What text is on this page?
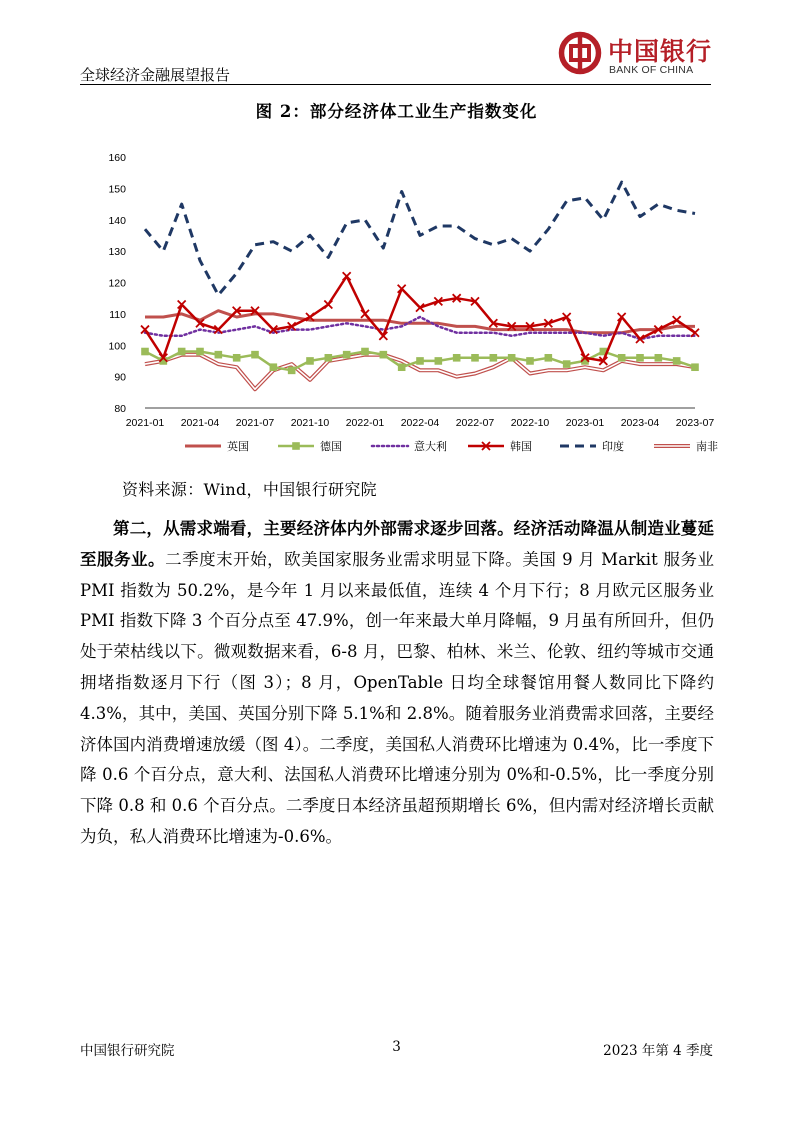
全球经济金融展望报告
中国银行
BANK OF CHINA
图 2：部分经济体工业生产指数变化
80
90
100
110
120
130
140
150
160
2021-01 2021-04 2021-07 2021-10 2022-01 2022-04 2022-07 2022-10 2023-01 2023-04 2023-07
英国	德国	意大利	韩国	印度	南非
资料来源：Wind，中国银行研究院

第二，从需求端看，主要经济体内外部需求逐步回落。经济活动降温从制造业蔓延至服务业。二季度末开始，欧美国家服务业需求明显下降。美国 9 月 Markit 服务业 PMI 指数为 50.2%，是今年 1 月以来最低值，连续 4 个月下行；8 月欧元区服务业 PMI 指数下降 3 个百分点至 47.9%，创一年来最大单月降幅，9 月虽有所回升，但仍处于荣枯线以下。微观数据来看，6-8 月，巴黎、柏林、米兰、伦敦、纽约等城市交通拥堵指数逐月下行（图 3）；8 月，OpenTable 日均全球餐馆用餐人数同比下降约 4.3%，其中，美国、英国分别下降 5.1%和 2.8%。随着服务业消费需求回落，主要经济体国内消费增速放缓（图 4）。二季度，美国私人消费环比增速为 0.4%，比一季度下降 0.6 个百分点，意大利、法国私人消费环比增速分别为 0%和-0.5%，比一季度分别下降 0.8 和 0.6 个百分点。二季度日本经济虽超预期增长 6%，但内需对经济增长贡献为负，私人消费环比增速为-0.6%。

中国银行研究院	3	2023 年第 4 季度
